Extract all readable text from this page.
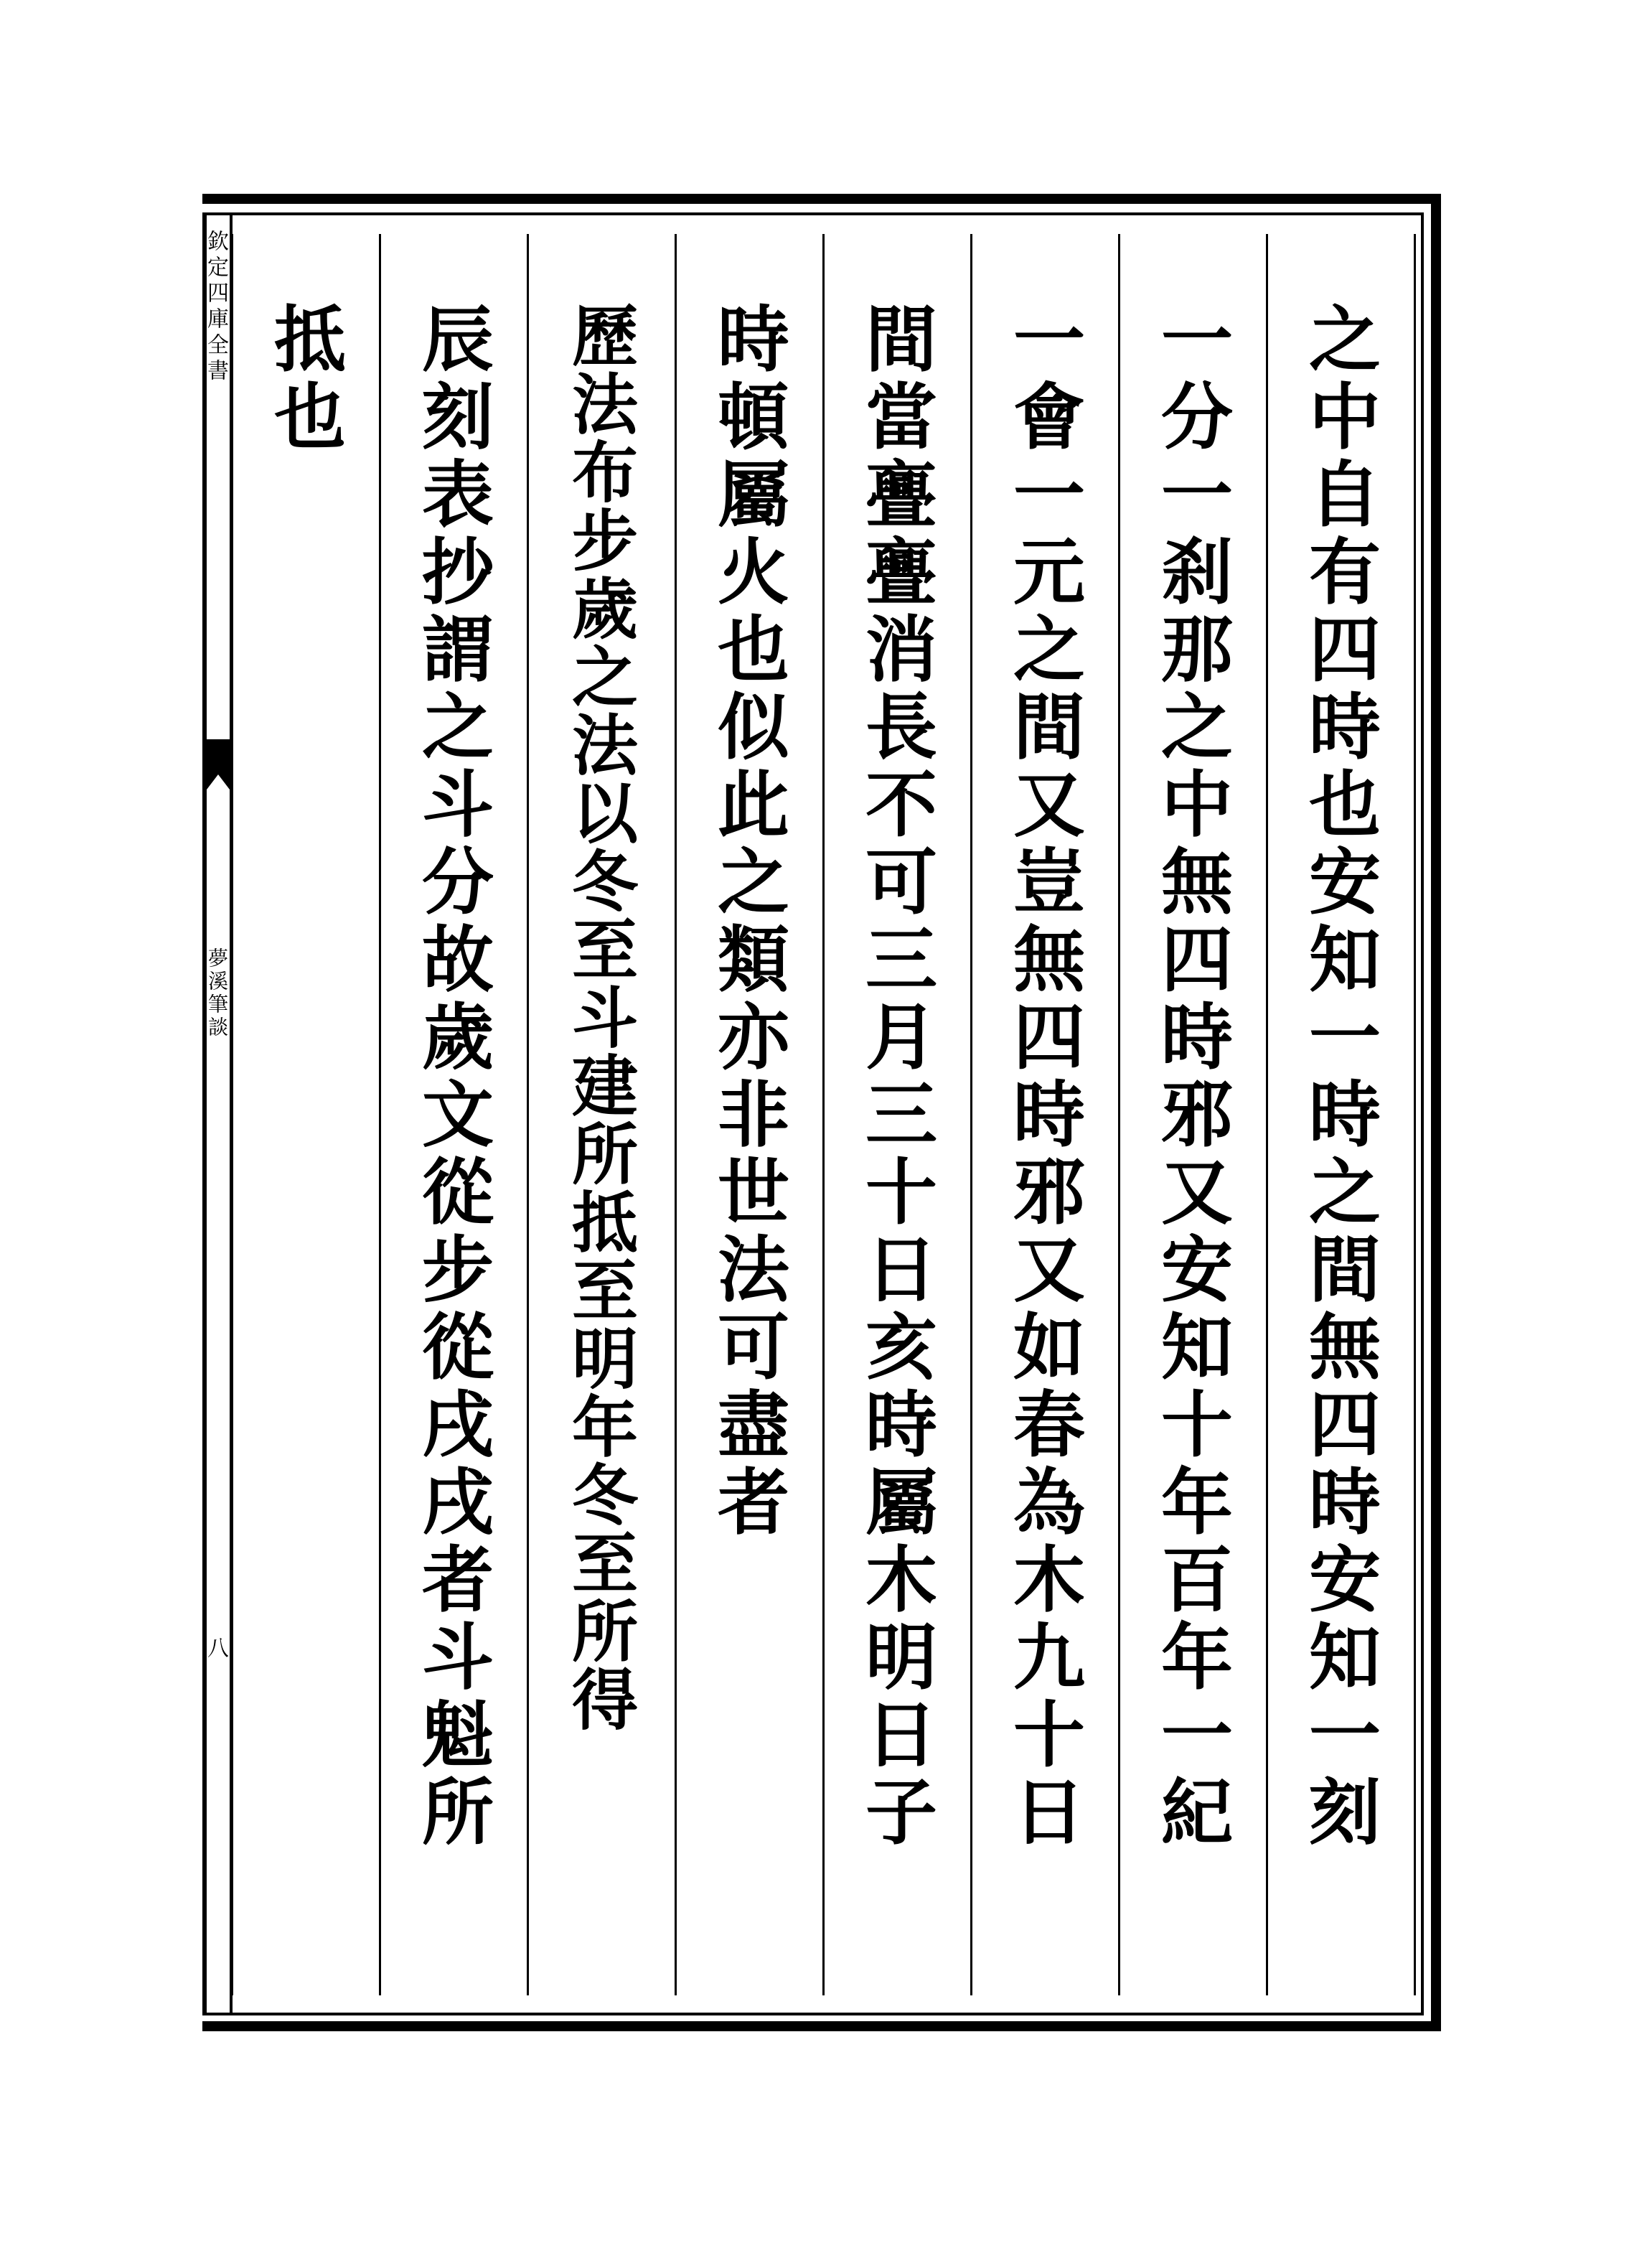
欽定四庫全書
夢溪筆談
八	之中自有四時也安知一時之間無四時安知一刻
一分一刹那之中無四時邪又安知十年百年一紀
一會一元之間又豈無四時邪又如春為木九十日
間當亹亹消長不可三月三十日亥時屬木明日子
時頓屬火也似此之類亦非世法可盡者
歷法布步歲之法以冬至斗建所抵至明年冬至所得
辰刻表抄謂之斗分故歲文從步從戌戌者斗魁所
抵也
